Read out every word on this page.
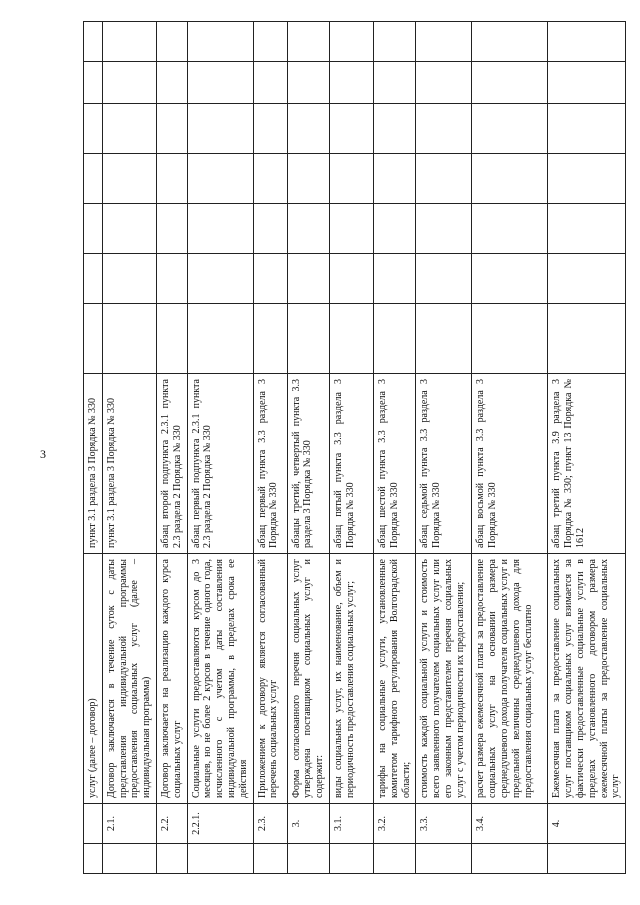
3
		услуг (далее – договор)	пункт 3.1 раздела 3 Порядка № 330							
	2.1.	Договор заключается в течение суток с даты представления индивидуальной программы предоставления социальных услуг (далее – индивидуальная программа)	пункт 3.1 раздела 3 Порядка № 330							
	2.2.	Договор заключается на реализацию каждого курса социальных услуг	абзац второй подпункта 2.3.1 пункта 2.3 раздела 2 Порядка № 330							
	2.2.1.	Социальные услуги предоставляются курсом до 3 месяцев, но не более 2 курсов в течение одного года, исчисленного с учетом даты составления индивидуальной программы, в пределах срока ее действия	абзац первый подпункта 2.3.1 пункта 2.3 раздела 2 Порядка № 330							
	2.3.	Приложением к договору является согласованный перечень социальных услуг	абзац первый пункта 3.3 раздела 3 Порядка № 330							
	3.	Форма согласованного перечня социальных услуг утверждена поставщиком социальных услуг и содержит:	абзацы третий, четвертый пункта 3.3 раздела 3 Порядка № 330							
	3.1.	виды социальных услуг, их наименование, объем и периодичность предоставления социальных услуг;	абзац пятый пункта 3.3 раздела 3 Порядка № 330							
	3.2.	тарифы на социальные услуги, установленные комитетом тарифного регулирования Волгоградской области;	абзац шестой пункта 3.3 раздела 3 Порядка № 330							
	3.3.	стоимость каждой социальной услуги и стоимость всего заявленного получателем социальных услуг или его законным представителем перечня социальных услуг с учетом периодичности их предоставления;	абзац седьмой пункта 3.3 раздела 3 Порядка № 330							
	3.4.	расчет размера ежемесячной платы за предоставление социальных услуг на основании размера среднедушевого дохода получателя социальных услуг и предельной величины среднедушевого дохода для предоставления социальных услуг бесплатно	абзац восьмой пункта 3.3 раздела 3 Порядка № 330							
	4.	Ежемесячная плата за предоставление социальных услуг поставщиком социальных услуг взимается за фактически предоставленные социальные услуги в пределах установленного договором размера ежемесячной платы за предоставление социальных услуг	абзац третий пункта 3.9 раздела 3 Порядка № 330; пункт 13 Порядка № 1612							
